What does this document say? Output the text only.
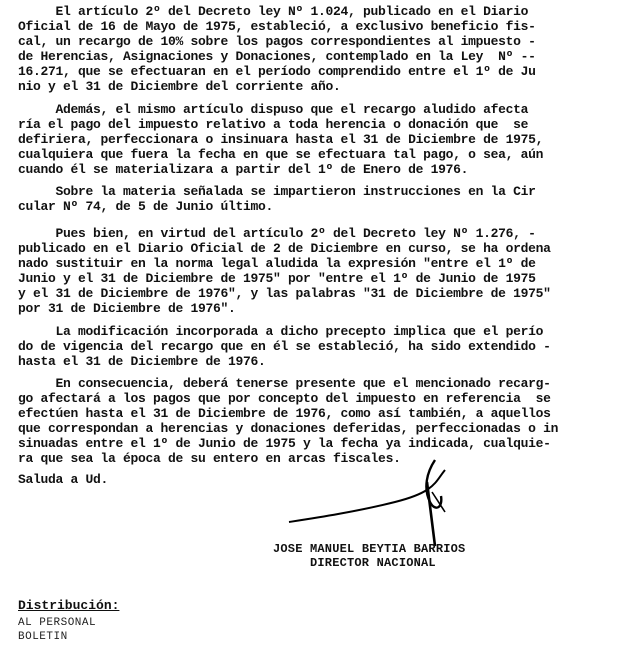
El artículo 2º del Decreto ley Nº 1.024, publicado en el Diario
Oficial de 16 de Mayo de 1975, estableció, a exclusivo beneficio fis-
cal, un recargo de 10% sobre los pagos correspondientes al impuesto -
de Herencias, Asignaciones y Donaciones, contemplado en la Ley  Nº --
16.271, que se efectuaran en el período comprendido entre el 1º de Ju
nio y el 31 de Diciembre del corriente año.
Además, el mismo artículo dispuso que el recargo aludido afecta
ría el pago del impuesto relativo a toda herencia o donación que  se
defiriera, perfeccionara o insinuara hasta el 31 de Diciembre de 1975,
cualquiera que fuera la fecha en que se efectuara tal pago, o sea, aún
cuando él se materializara a partir del 1º de Enero de 1976.
Sobre la materia señalada se impartieron instrucciones en la Cir
cular Nº 74, de 5 de Junio último.
Pues bien, en virtud del artículo 2º del Decreto ley Nº 1.276, -
publicado en el Diario Oficial de 2 de Diciembre en curso, se ha ordena
nado sustituir en la norma legal aludida la expresión "entre el 1º de
Junio y el 31 de Diciembre de 1975" por "entre el 1º de Junio de 1975
y el 31 de Diciembre de 1976", y las palabras "31 de Diciembre de 1975"
por 31 de Diciembre de 1976".
La modificación incorporada a dicho precepto implica que el perío
do de vigencia del recargo que en él se estableció, ha sido extendido -
hasta el 31 de Diciembre de 1976.
En consecuencia, deberá tenerse presente que el mencionado recarg-
go afectará a los pagos que por concepto del impuesto en referencia  se
efectúen hasta el 31 de Diciembre de 1976, como así también, a aquellos
que correspondan a herencias y donaciones deferidas, perfeccionadas o in
sinuadas entre el 1º de Junio de 1975 y la fecha ya indicada, cualquie-
ra que sea la época de su entero en arcas fiscales.
Saluda a Ud.
JOSE MANUEL BEYTIA BARRIOS
DIRECTOR NACIONAL
Distribución:
AL PERSONAL
BOLETIN
